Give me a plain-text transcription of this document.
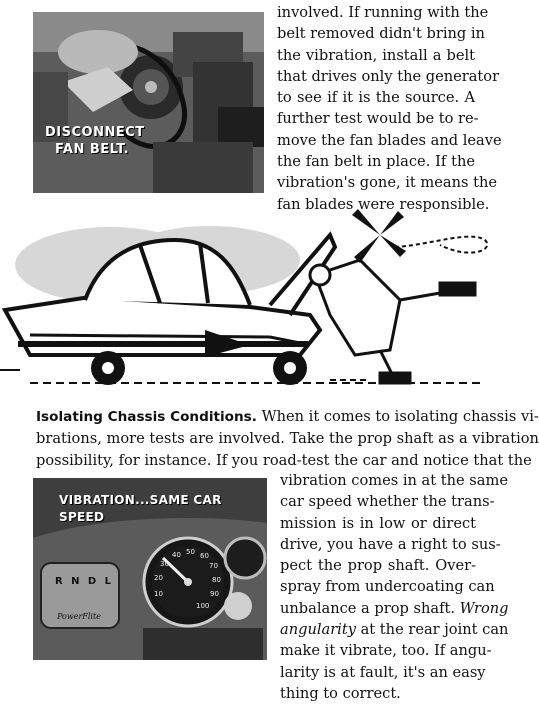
DISCONNECT
FAN BELT.
involved. If running with the
belt removed didn't bring in
the vibration, install a belt
that drives only the generator
to see if it is the source. A
further test would be to re-
move the fan blades and leave
the fan belt in place. If the
vibration's gone, it means the
fan blades were responsible.

Isolating Chassis Conditions. When it comes to isolating chassis vi-
brations, more tests are involved. Take the prop shaft as a vibration
possibility, for instance. If you road-test the car and notice that the

vibration comes in at the same
car speed whether the trans-
mission is in low or direct
drive, you have a right to sus-
pect the prop shaft. Over-
spray from undercoating can
unbalance a prop shaft. Wrong
angularity at the rear joint can
make it vibrate, too. If angu-
larity is at fault, it's an easy
thing to correct.
VIBRATION...SAME CAR SPEED
R N D L
PowerFlite
10
20
30
40 50 60
70
80
90
100
